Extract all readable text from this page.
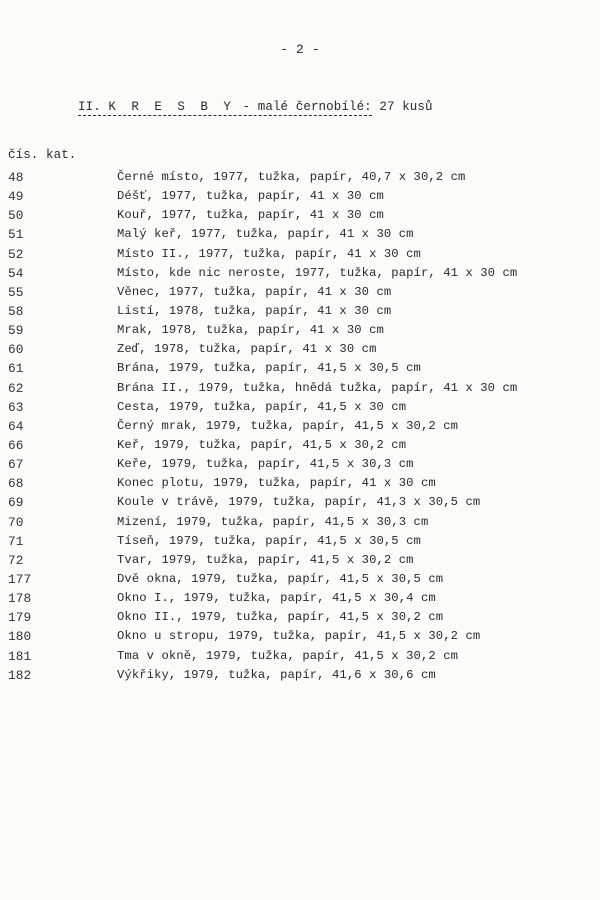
- 2 -
II. K R E S B Y - malé černobílé: 27 kusů
čís. kat.
48	Černé místo, 1977, tužka, papír, 40,7 x 30,2 cm
49	Déšť, 1977, tužka, papír, 41 x 30 cm
50	Kouř, 1977, tužka, papír, 41 x 30 cm
51	Malý keř, 1977, tužka, papír, 41 x 30 cm
52	Místo II., 1977, tužka, papír, 41 x 30 cm
54	Místo, kde nic neroste, 1977, tužka, papír, 41 x 30 cm
55	Věnec, 1977, tužka, papír, 41 x 30 cm
58	Listí, 1978, tužka, papír, 41 x 30 cm
59	Mrak, 1978, tužka, papír, 41 x 30 cm
60	Zeď, 1978, tužka, papír, 41 x 30 cm
61	Brána, 1979, tužka, papír, 41,5 x 30,5 cm
62	Brána II., 1979, tužka, hnědá tužka, papír, 41 x 30 cm
63	Cesta, 1979, tužka, papír, 41,5 x 30 cm
64	Černý mrak, 1979, tužka, papír, 41,5 x 30,2 cm
66	Keř, 1979, tužka, papír, 41,5 x 30,2 cm
67	Keře, 1979, tužka, papír, 41,5 x 30,3 cm
68	Konec plotu, 1979, tužka, papír, 41 x 30 cm
69	Koule v trávě, 1979, tužka, papír, 41,3 x 30,5 cm
70	Mizení, 1979, tužka, papír, 41,5 x 30,3 cm
71	Tíseň, 1979, tužka, papír, 41,5 x 30,5 cm
72	Tvar, 1979, tužka, papír, 41,5 x 30,2 cm
177	Dvě okna, 1979, tužka, papír, 41,5 x 30,5 cm
178	Okno I., 1979, tužka, papír, 41,5 x 30,4 cm
179	Okno II., 1979, tužka, papír, 41,5 x 30,2 cm
180	Okno u stropu, 1979, tužka, papír, 41,5 x 30,2 cm
181	Tma v okně, 1979, tužka, papír, 41,5 x 30,2 cm
182	Výkřiky, 1979, tužka, papír, 41,6 x 30,6 cm
